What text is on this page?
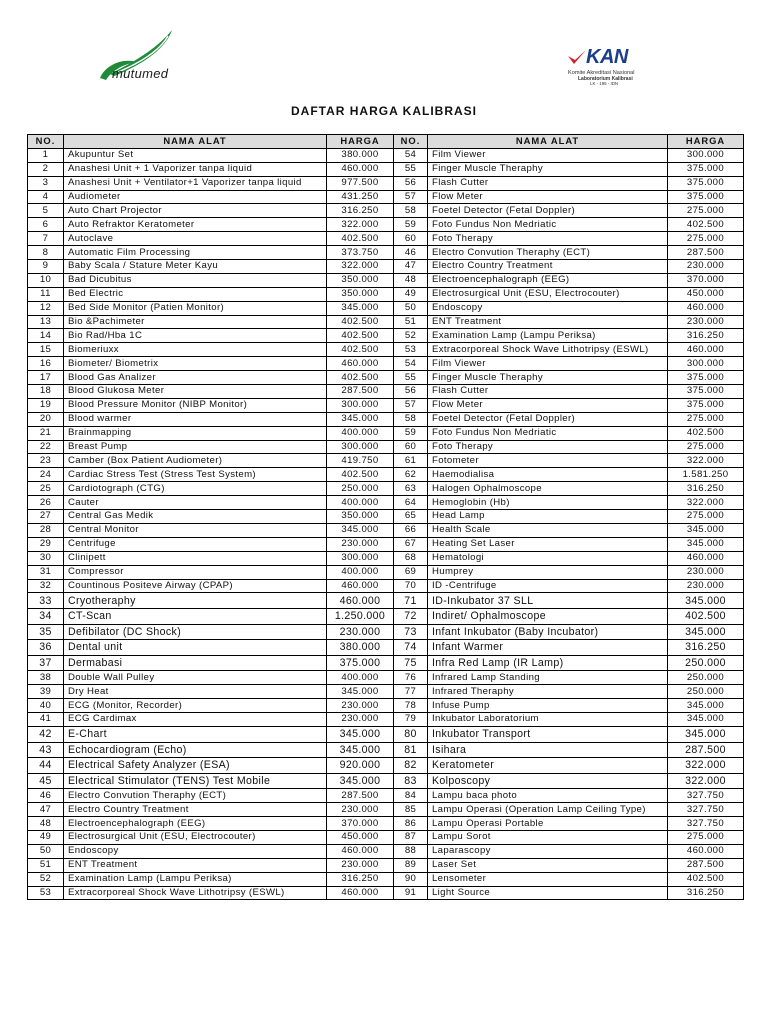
mutumed
KAN
Komite Akreditasi Nasional
Laboratorium Kalibrasi
LK - 195 - IDN
DAFTAR HARGA KALIBRASI
NO.	NAMA ALAT	HARGA	NO.	NAMA ALAT	HARGA
1	Akupuntur Set	380.000	54	Film Viewer	300.000
2	Anashesi Unit + 1 Vaporizer tanpa liquid	460.000	55	Finger Muscle Theraphy	375.000
3	Anashesi Unit + Ventilator+1 Vaporizer tanpa liquid	977.500	56	Flash Cutter	375.000
4	Audiometer	431.250	57	Flow Meter	375.000
5	Auto Chart Projector	316.250	58	Foetel Detector (Fetal Doppler)	275.000
6	Auto Refraktor Keratometer	322.000	59	Foto Fundus Non Medriatic	402.500
7	Autoclave	402.500	60	Foto Therapy	275.000
8	Automatic Film Processing	373.750	46	Electro Convution Theraphy (ECT)	287.500
9	Baby Scala / Stature Meter Kayu	322.000	47	Electro Country Treatment	230.000
10	Bad Dicubitus	350.000	48	Electroencephalograph (EEG)	370.000
11	Bed Electric	350.000	49	Electrosurgical Unit (ESU, Electrocouter)	450.000
12	Bed Side Monitor (Patien Monitor)	345.000	50	Endoscopy	460.000
13	Bio &Pachimeter	402.500	51	ENT Treatment	230.000
14	Bio Rad/Hba 1C	402.500	52	Examination Lamp (Lampu Periksa)	316.250
15	Biomeriuxx	402.500	53	Extracorporeal Shock Wave Lithotripsy (ESWL)	460.000
16	Biometer/ Biometrix	460.000	54	Film Viewer	300.000
17	Blood Gas Analizer	402.500	55	Finger Muscle Theraphy	375.000
18	Blood Glukosa Meter	287.500	56	Flash Cutter	375.000
19	Blood Pressure Monitor (NIBP Monitor)	300.000	57	Flow Meter	375.000
20	Blood warmer	345.000	58	Foetel Detector (Fetal Doppler)	275.000
21	Brainmapping	400.000	59	Foto Fundus Non Medriatic	402.500
22	Breast Pump	300.000	60	Foto Therapy	275.000
23	Camber (Box Patient Audiometer)	419.750	61	Fotometer	322.000
24	Cardiac Stress Test (Stress Test System)	402.500	62	Haemodialisa	1.581.250
25	Cardiotograph (CTG)	250.000	63	Halogen Ophalmoscope	316.250
26	Cauter	400.000	64	Hemoglobin (Hb)	322.000
27	Central Gas Medik	350.000	65	Head Lamp	275.000
28	Central Monitor	345.000	66	Health Scale	345.000
29	Centrifuge	230.000	67	Heating Set Laser	345.000
30	Clinipett	300.000	68	Hematologi	460.000
31	Compressor	400.000	69	Humprey	230.000
32	Countinous Positeve Airway (CPAP)	460.000	70	ID -Centrifuge	230.000
33	Cryotheraphy	460.000	71	ID-Inkubator 37 SLL	345.000
34	CT-Scan	1.250.000	72	Indiret/ Ophalmoscope	402.500
35	Defibilator (DC Shock)	230.000	73	Infant Inkubator (Baby Incubator)	345.000
36	Dental unit	380.000	74	Infant Warmer	316.250
37	Dermabasi	375.000	75	Infra Red Lamp (IR Lamp)	250.000
38	Double Wall Pulley	400.000	76	Infrared Lamp Standing	250.000
39	Dry Heat	345.000	77	Infrared Theraphy	250.000
40	ECG (Monitor, Recorder)	230.000	78	Infuse Pump	345.000
41	ECG Cardimax	230.000	79	Inkubator Laboratorium	345.000
42	E-Chart	345.000	80	Inkubator Transport	345.000
43	Echocardiogram (Echo)	345.000	81	Isihara	287.500
44	Electrical Safety Analyzer (ESA)	920.000	82	Keratometer	322.000
45	Electrical Stimulator (TENS) Test Mobile	345.000	83	Kolposcopy	322.000
46	Electro Convution Theraphy (ECT)	287.500	84	Lampu baca photo	327.750
47	Electro Country Treatment	230.000	85	Lampu Operasi (Operation Lamp Ceiling Type)	327.750
48	Electroencephalograph (EEG)	370.000	86	Lampu Operasi Portable	327.750
49	Electrosurgical Unit (ESU, Electrocouter)	450.000	87	Lampu Sorot	275.000
50	Endoscopy	460.000	88	Laparascopy	460.000
51	ENT Treatment	230.000	89	Laser Set	287.500
52	Examination Lamp (Lampu Periksa)	316.250	90	Lensometer	402.500
53	Extracorporeal Shock Wave Lithotripsy (ESWL)	460.000	91	Light Source	316.250
